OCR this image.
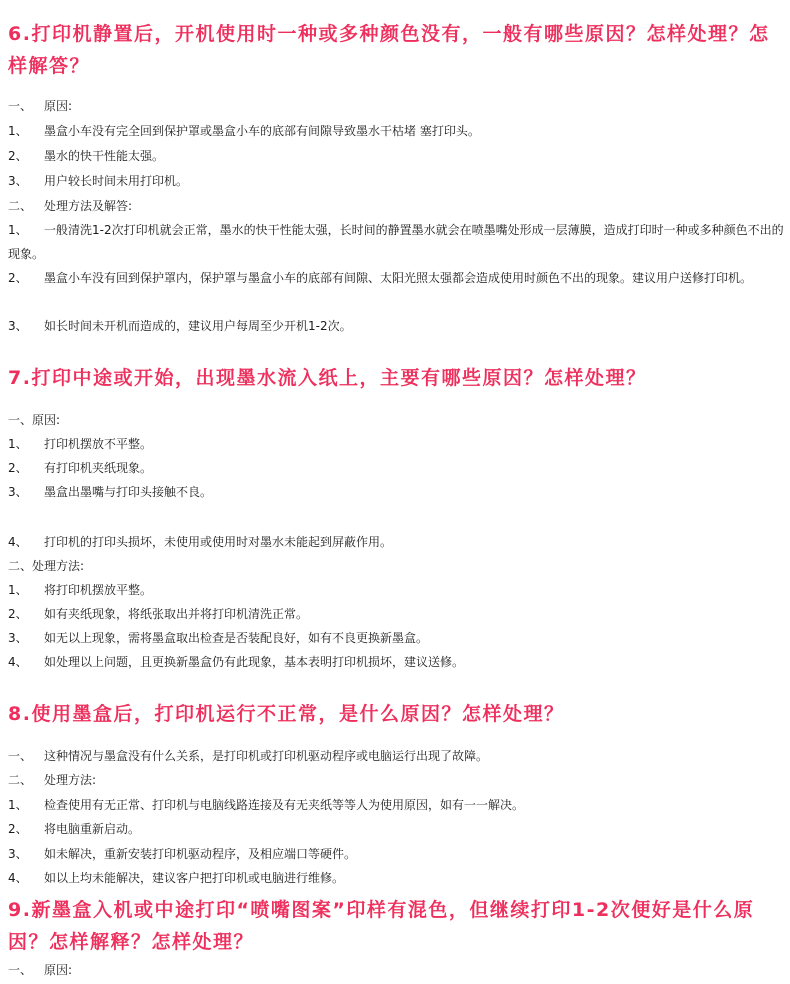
6.打印机静置后，开机使用时一种或多种颜色没有，一般有哪些原因？怎样处理？怎样解答？
一、 原因:
1、 墨盒小车没有完全回到保护罩或墨盒小车的底部有间隙导致墨水干枯堵 塞打印头。
2、 墨水的快干性能太强。
3、 用户较长时间未用打印机。
二、 处理方法及解答:
1、 一般清洗1-2次打印机就会正常，墨水的快干性能太强，长时间的静置墨水就会在喷墨嘴处形成一层薄膜，造成打印时一种或多种颜色不出的现象。
2、 墨盒小车没有回到保护罩内，保护罩与墨盒小车的底部有间隙、太阳光照太强都会造成使用时颜色不出的现象。建议用户送修打印机。
3、 如长时间未开机而造成的，建议用户每周至少开机1-2次。
7.打印中途或开始，出现墨水流入纸上，主要有哪些原因？怎样处理？
一、原因:
1、 打印机摆放不平整。
2、 有打印机夹纸现象。
3、 墨盒出墨嘴与打印头接触不良。
4、 打印机的打印头损坏，未使用或使用时对墨水未能起到屏蔽作用。
二、处理方法:
1、 将打印机摆放平整。
2、 如有夹纸现象，将纸张取出并将打印机清洗正常。
3、 如无以上现象，需将墨盒取出检查是否装配良好，如有不良更换新墨盒。
4、 如处理以上问题，且更换新墨盒仍有此现象，基本表明打印机损坏，建议送修。
8.使用墨盒后，打印机运行不正常，是什么原因？怎样处理？
一、 这种情况与墨盒没有什么关系，是打印机或打印机驱动程序或电脑运行出现了故障。
二、 处理方法:
1、 检查使用有无正常、打印机与电脑线路连接及有无夹纸等等人为使用原因，如有一一解决。
2、 将电脑重新启动。
3、 如未解决，重新安装打印机驱动程序，及相应端口等硬件。
4、 如以上均未能解决，建议客户把打印机或电脑进行维修。
9.新墨盒入机或中途打印“喷嘴图案”印样有混色，但继续打印1-2次便好是什么原因？怎样解释？怎样处理？
一、 原因:
